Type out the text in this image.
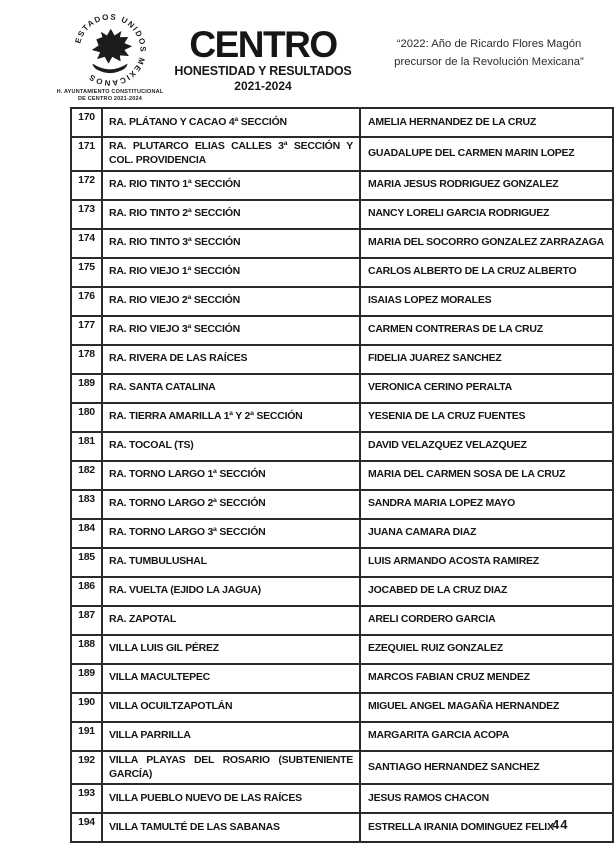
ESTADOS UNIDOS MEXICANOS
H. AYUNTAMIENTO CONSTITUCIONAL
DE CENTRO 2021-2024
CENTRO
HONESTIDAD Y RESULTADOS
2021-2024
“2022: Año de Ricardo Flores Magón
precursor de la Revolución Mexicana”
170	RA. PLÁTANO Y CACAO 4ª SECCIÓN	AMELIA HERNANDEZ DE LA CRUZ
171	RA. PLUTARCO ELIAS CALLES 3ª SECCIÓN Y COL. PROVIDENCIA	GUADALUPE DEL CARMEN MARIN LOPEZ
172	RA. RIO TINTO 1ª SECCIÓN	MARIA JESUS RODRIGUEZ GONZALEZ
173	RA. RIO TINTO 2ª SECCIÓN	NANCY LORELI GARCIA RODRIGUEZ
174	RA. RIO TINTO 3ª SECCIÓN	MARIA DEL SOCORRO GONZALEZ ZARRAZAGA
175	RA. RIO VIEJO 1ª SECCIÓN	CARLOS ALBERTO DE LA CRUZ ALBERTO
176	RA. RIO VIEJO 2ª SECCIÓN	ISAIAS LOPEZ MORALES
177	RA. RIO VIEJO 3ª SECCIÓN	CARMEN CONTRERAS DE LA CRUZ
178	RA. RIVERA DE LAS RAÍCES	FIDELIA JUAREZ SANCHEZ
189	RA. SANTA CATALINA	VERONICA CERINO PERALTA
180	RA. TIERRA AMARILLA 1ª Y 2ª SECCIÓN	YESENIA DE LA CRUZ FUENTES
181	RA. TOCOAL (TS)	DAVID VELAZQUEZ VELAZQUEZ
182	RA. TORNO LARGO 1ª SECCIÓN	MARIA DEL CARMEN SOSA DE LA CRUZ
183	RA. TORNO LARGO 2ª SECCIÓN	SANDRA MARIA LOPEZ MAYO
184	RA. TORNO LARGO 3ª SECCIÓN	JUANA CAMARA DIAZ
185	RA. TUMBULUSHAL	LUIS ARMANDO ACOSTA RAMIREZ
186	RA. VUELTA (EJIDO LA JAGUA)	JOCABED DE LA CRUZ DIAZ
187	RA. ZAPOTAL	ARELI CORDERO GARCIA
188	VILLA LUIS GIL PÉREZ	EZEQUIEL RUIZ GONZALEZ
189	VILLA MACULTEPEC	MARCOS FABIAN CRUZ MENDEZ
190	VILLA OCUILTZAPOTLÁN	MIGUEL ANGEL MAGAÑA HERNANDEZ
191	VILLA PARRILLA	MARGARITA GARCIA ACOPA
192	VILLA PLAYAS DEL ROSARIO (SUBTENIENTE GARCÍA)	SANTIAGO HERNANDEZ SANCHEZ
193	VILLA PUEBLO NUEVO DE LAS RAÍCES	JESUS RAMOS CHACON
194	VILLA TAMULTÉ DE LAS SABANAS	ESTRELLA IRANIA DOMINGUEZ FELIX
44
